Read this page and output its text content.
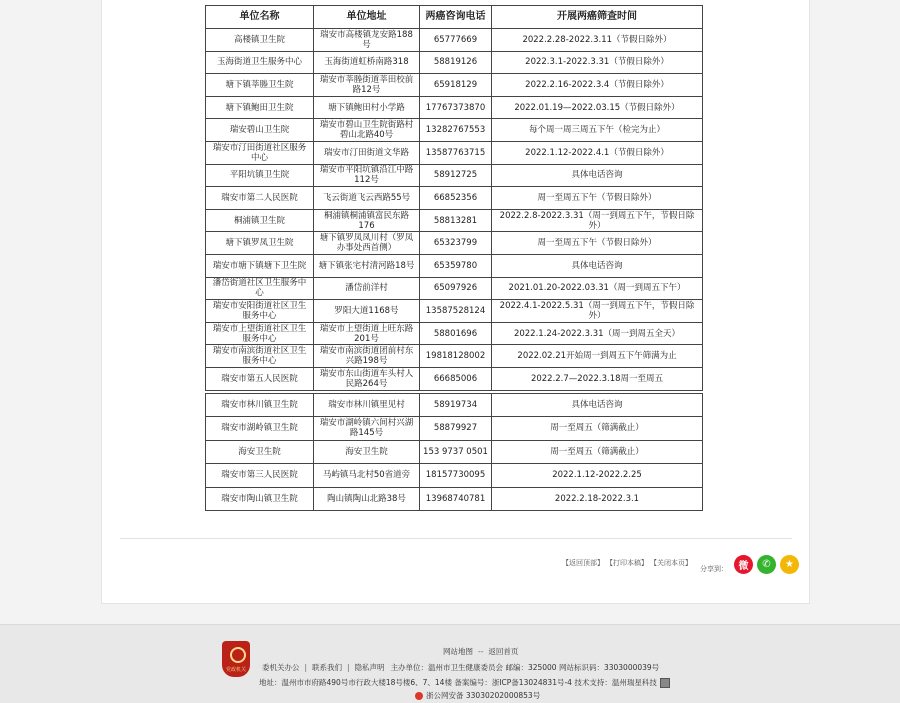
单位名称	单位地址	两癌咨询电话	开展两癌筛查时间
高楼镇卫生院	瑞安市高楼镇龙安路188号	65777669	2022.2.28-2022.3.11（节假日除外）
玉海街道卫生服务中心	玉海街道虹桥南路318	58819126	2022.3.1-2022.3.31（节假日除外）
塘下镇莘塍卫生院	瑞安市莘塍街道莘田校前路12号	65918129	2022.2.16-2022.3.4（节假日除外）
塘下镇鲍田卫生院	塘下镇鲍田村小学路	17767373870	2022.01.19—2022.03.15（节假日除外）
瑞安碧山卫生院	瑞安市碧山卫生院街路村碧山北路40号	13282767553	每个周一周三周五下午（检完为止）
瑞安市汀田街道社区服务中心	瑞安市汀田街道文华路	13587763715	2022.1.12-2022.4.1（节假日除外）
平阳坑镇卫生院	瑞安市平阳坑镇沿江中路112号	58912725	具体电话咨询
瑞安市第二人民医院	飞云街道飞云西路55号	66852356	周一至周五下午（节假日除外）
桐浦镇卫生院	桐浦镇桐浦镇富民东路176	58813281	2022.2.8-2022.3.31（周一到周五下午，节假日除外）
塘下镇罗凤卫生院	塘下镇罗凤凤川村（罗凤办事处西首侧）	65323799	周一至周五下午（节假日除外）
瑞安市塘下镇塘下卫生院	塘下镇张宅村清河路18号	65359780	具体电话咨询
潘岱街道社区卫生服务中心	潘岱前洋村	65097926	2021.01.20-2022.03.31（周一到周五下午）
瑞安市安阳街道社区卫生服务中心	罗阳大道1168号	13587528124	2022.4.1-2022.5.31（周一到周五下午，节假日除外）
瑞安市上望街道社区卫生服务中心	瑞安市上望街道上旺东路201号	58801696	2022.1.24-2022.3.31（周一到周五全天）
瑞安市南滨街道社区卫生服务中心	瑞安市南滨街道团前村东兴路198号	19818128002	2022.02.21开始周一到周五下午筛满为止
瑞安市第五人民医院	瑞安市东山街道车头村人民路264号	66685006	2022.2.7—2022.3.18周一至周五

瑞安市林川镇卫生院	瑞安市林川镇里见村	58919734	具体电话咨询
瑞安市湖岭镇卫生院	瑞安市湖岭镇六间村兴湖路145号	58879927	周一至周五（筛满截止）
海安卫生院	海安卫生院	153 9737 0501	周一至周五（筛满截止）
瑞安市第三人民医院	马屿镇马北村50省道旁	18157730095	2022.1.12-2022.2.25
瑞安市陶山镇卫生院	陶山镇陶山北路38号	13968740781	2022.2.18-2022.3.1
【返回顶部】 【打印本稿】 【关闭本页】
分享到：	微	✆	★
党政机关
网站地图 -- 返回首页
委机关办公 | 联系我们 | 隐私声明 主办单位：温州市卫生健康委员会 邮编：325000 网站标识码：3303000039号
地址：温州市市府路490号市行政大楼18号楼6、7、14楼 备案编号：浙ICP备13024831号-4 技术支持：温州瑞星科技
浙公网安备 33030202000853号
